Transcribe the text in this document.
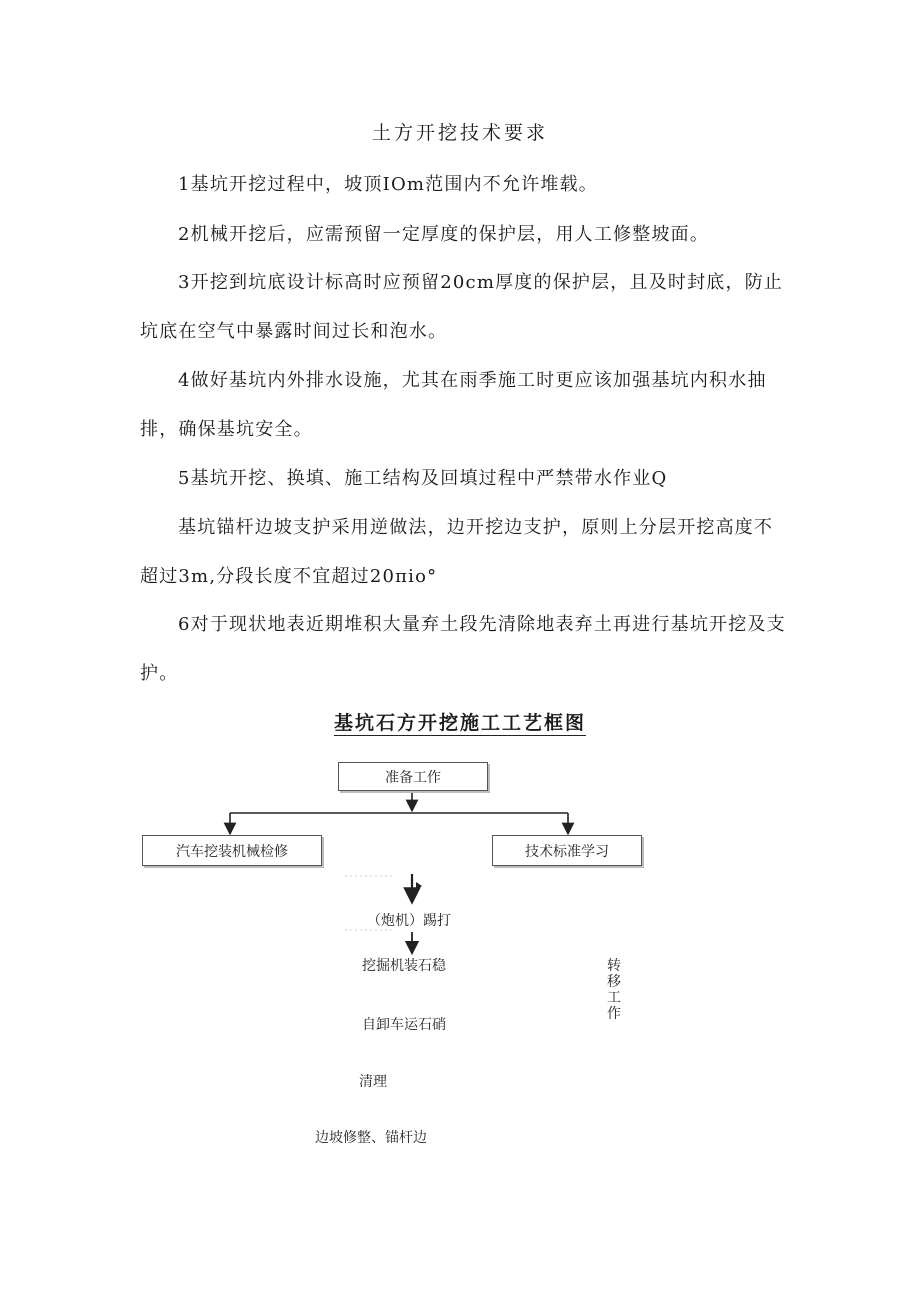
土方开挖技术要求

1基坑开挖过程中，坡顶IOm范围内不允许堆载。

2机械开挖后，应需预留一定厚度的保护层，用人工修整坡面。

3开挖到坑底设计标高时应预留20cm厚度的保护层，且及时封底，防止坑底在空气中暴露时间过长和泡水。

4做好基坑内外排水设施，尤其在雨季施工时更应该加强基坑内积水抽排，确保基坑安全。

5基坑开挖、换填、施工结构及回填过程中严禁带水作业Q

基坑锚杆边坡支护采用逆做法，边开挖边支护，原则上分层开挖高度不超过3m,分段长度不宜超过20πio°

6对于现状地表近期堆积大量弃土段先清除地表弃土再进行基坑开挖及支护。

基坑石方开挖施工工艺框图
准备工作
汽车挖装机械检修	技术标准学习
（炮机）踢打
挖掘机装石稳
自卸车运石硝
清理
边坡修整、锚杆边
转移工作
